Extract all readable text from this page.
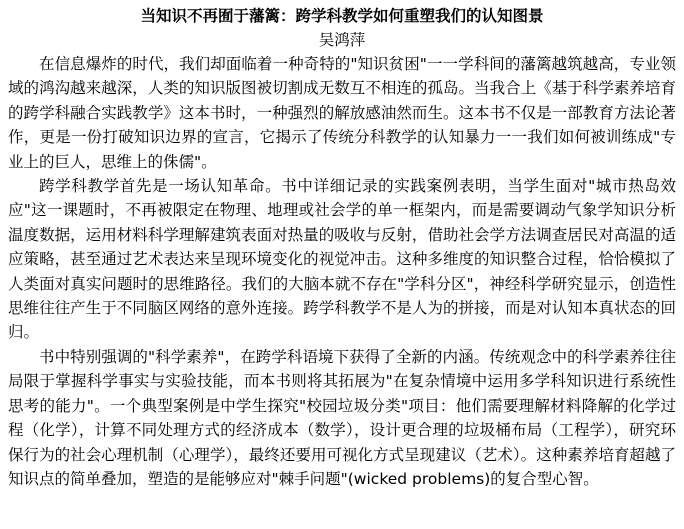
当知识不再囿于藩篱：跨学科教学如何重塑我们的认知图景
吴鸿萍

在信息爆炸的时代，我们却面临着一种奇特的"知识贫困"一一学科间的藩篱越筑越高，专业领域的鸿沟越来越深，人类的知识版图被切割成无数互不相连的孤岛。当我合上《基于科学素养培育的跨学科融合实践教学》这本书时，一种强烈的解放感油然而生。这本书不仅是一部教育方法论著作，更是一份打破知识边界的宣言，它揭示了传统分科教学的认知暴力一一我们如何被训练成"专业上的巨人，思维上的侏儒"。

跨学科教学首先是一场认知革命。书中详细记录的实践案例表明，当学生面对"城市热岛效应"这一课题时，不再被限定在物理、地理或社会学的单一框架内，而是需要调动气象学知识分析温度数据，运用材料科学理解建筑表面对热量的吸收与反射，借助社会学方法调查居民对高温的适应策略，甚至通过艺术表达来呈现环境变化的视觉冲击。这种多维度的知识整合过程，恰恰模拟了人类面对真实问题时的思维路径。我们的大脑本就不存在"学科分区"，神经科学研究显示，创造性思维往往产生于不同脑区网络的意外连接。跨学科教学不是人为的拼接，而是对认知本真状态的回归。

书中特别强调的"科学素养"，在跨学科语境下获得了全新的内涵。传统观念中的科学素养往往局限于掌握科学事实与实验技能，而本书则将其拓展为"在复杂情境中运用多学科知识进行系统性思考的能力"。一个典型案例是中学生探究"校园垃圾分类"项目：他们需要理解材料降解的化学过程（化学），计算不同处理方式的经济成本（数学），设计更合理的垃圾桶布局（工程学），研究环保行为的社会心理机制（心理学），最终还要用可视化方式呈现建议（艺术）。这种素养培育超越了知识点的简单叠加，塑造的是能够应对"棘手问题"(wicked problems)的复合型心智。
